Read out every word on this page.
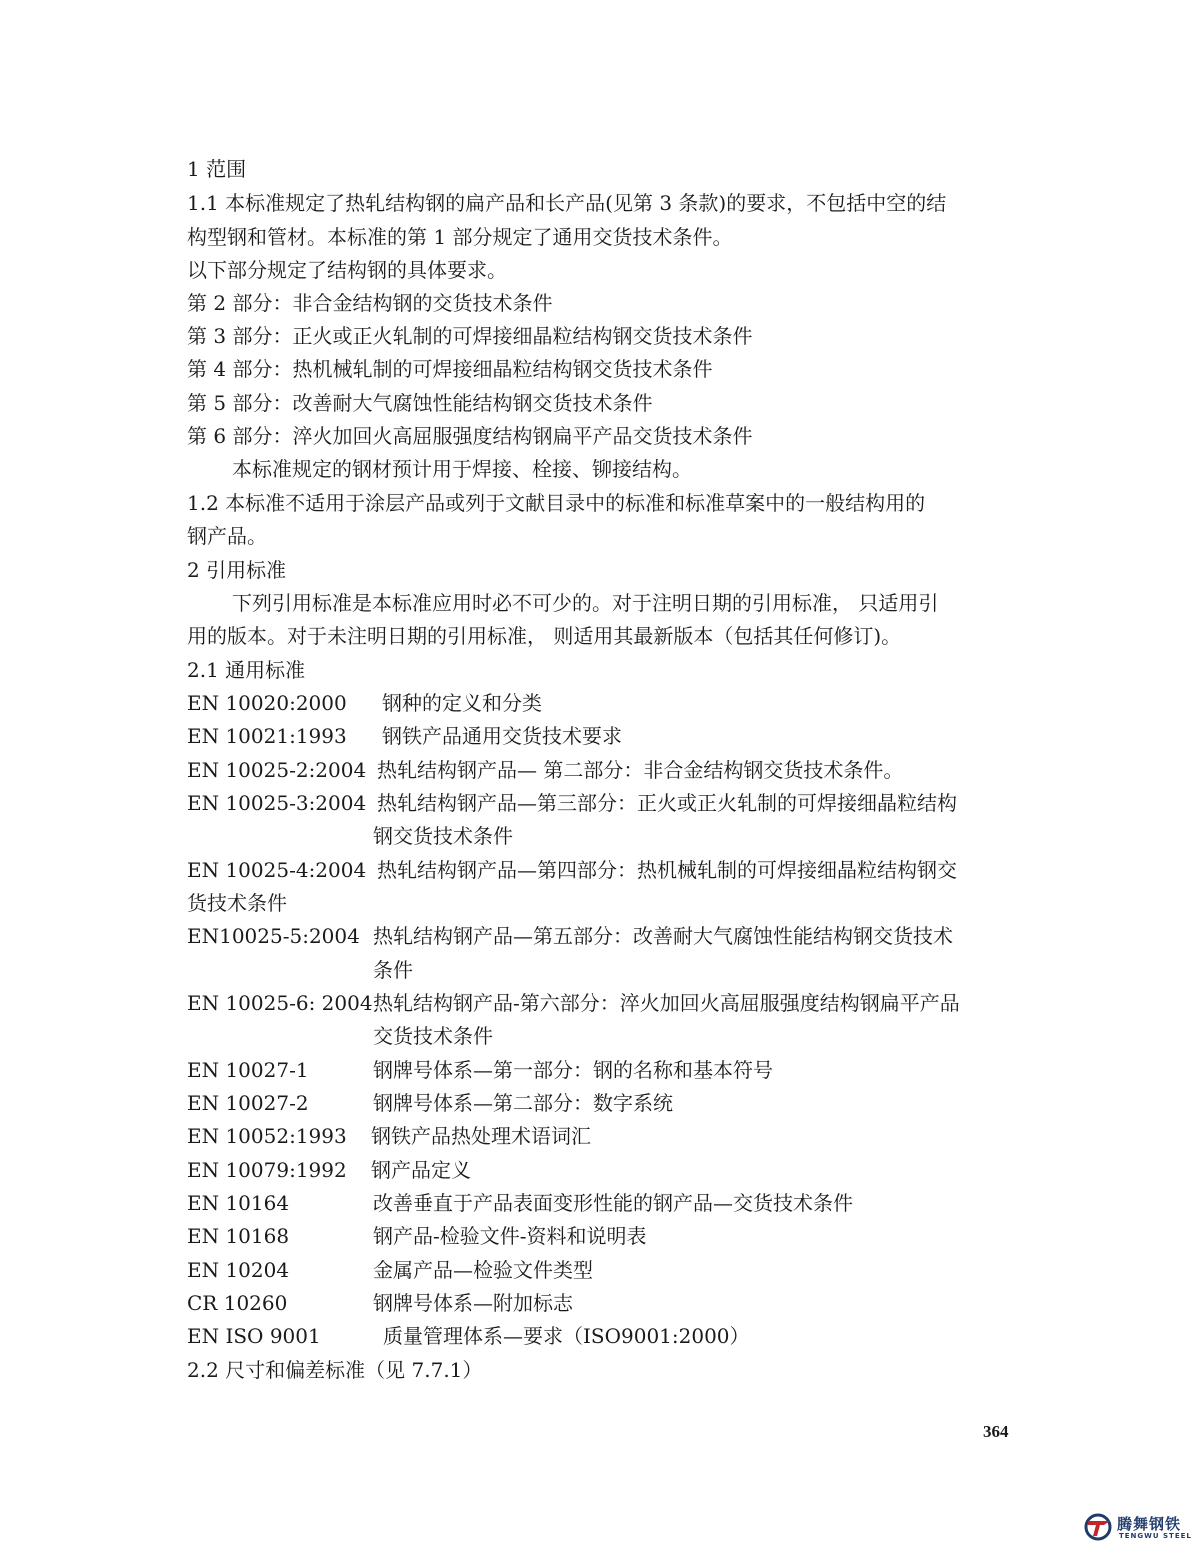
1 范围
1.1 本标准规定了热轧结构钢的扁产品和长产品(见第 3 条款)的要求，不包括中空的结
构型钢和管材。本标准的第 1 部分规定了通用交货技术条件。
以下部分规定了结构钢的具体要求。
第 2 部分：非合金结构钢的交货技术条件
第 3 部分：正火或正火轧制的可焊接细晶粒结构钢交货技术条件
第 4 部分：热机械轧制的可焊接细晶粒结构钢交货技术条件
第 5 部分：改善耐大气腐蚀性能结构钢交货技术条件
第 6 部分：淬火加回火高屈服强度结构钢扁平产品交货技术条件
本标准规定的钢材预计用于焊接、栓接、铆接结构。
1.2 本标准不适用于涂层产品或列于文献目录中的标准和标准草案中的一般结构用的
钢产品。
2 引用标准
下列引用标准是本标准应用时必不可少的。对于注明日期的引用标准， 只适用引
用的版本。对于未注明日期的引用标准， 则适用其最新版本（包括其任何修订)。
2.1 通用标准
EN 10020:2000 钢种的定义和分类
EN 10021:1993 钢铁产品通用交货技术要求
EN 10025-2:2004 热轧结构钢产品— 第二部分：非合金结构钢交货技术条件。
EN 10025-3:2004 热轧结构钢产品—第三部分：正火或正火轧制的可焊接细晶粒结构
钢交货技术条件
EN 10025-4:2004 热轧结构钢产品—第四部分：热机械轧制的可焊接细晶粒结构钢交
货技术条件
EN10025-5:2004 热轧结构钢产品—第五部分：改善耐大气腐蚀性能结构钢交货技术
条件
EN 10025-6: 2004 热轧结构钢产品-第六部分：淬火加回火高屈服强度结构钢扁平产品
交货技术条件
EN 10027-1	钢牌号体系—第一部分：钢的名称和基本符号
EN 10027-2	钢牌号体系—第二部分：数字系统
EN 10052:1993 钢铁产品热处理术语词汇
EN 10079:1992 钢产品定义
EN 10164	改善垂直于产品表面变形性能的钢产品—交货技术条件
EN 10168	钢产品-检验文件-资料和说明表
EN 10204	金属产品—检验文件类型
CR 10260	钢牌号体系—附加标志
EN ISO 9001	质量管理体系—要求（ISO9001:2000）
2.2 尺寸和偏差标准（见 7.7.1）
364
腾舞钢铁
TENGWU STEEL
